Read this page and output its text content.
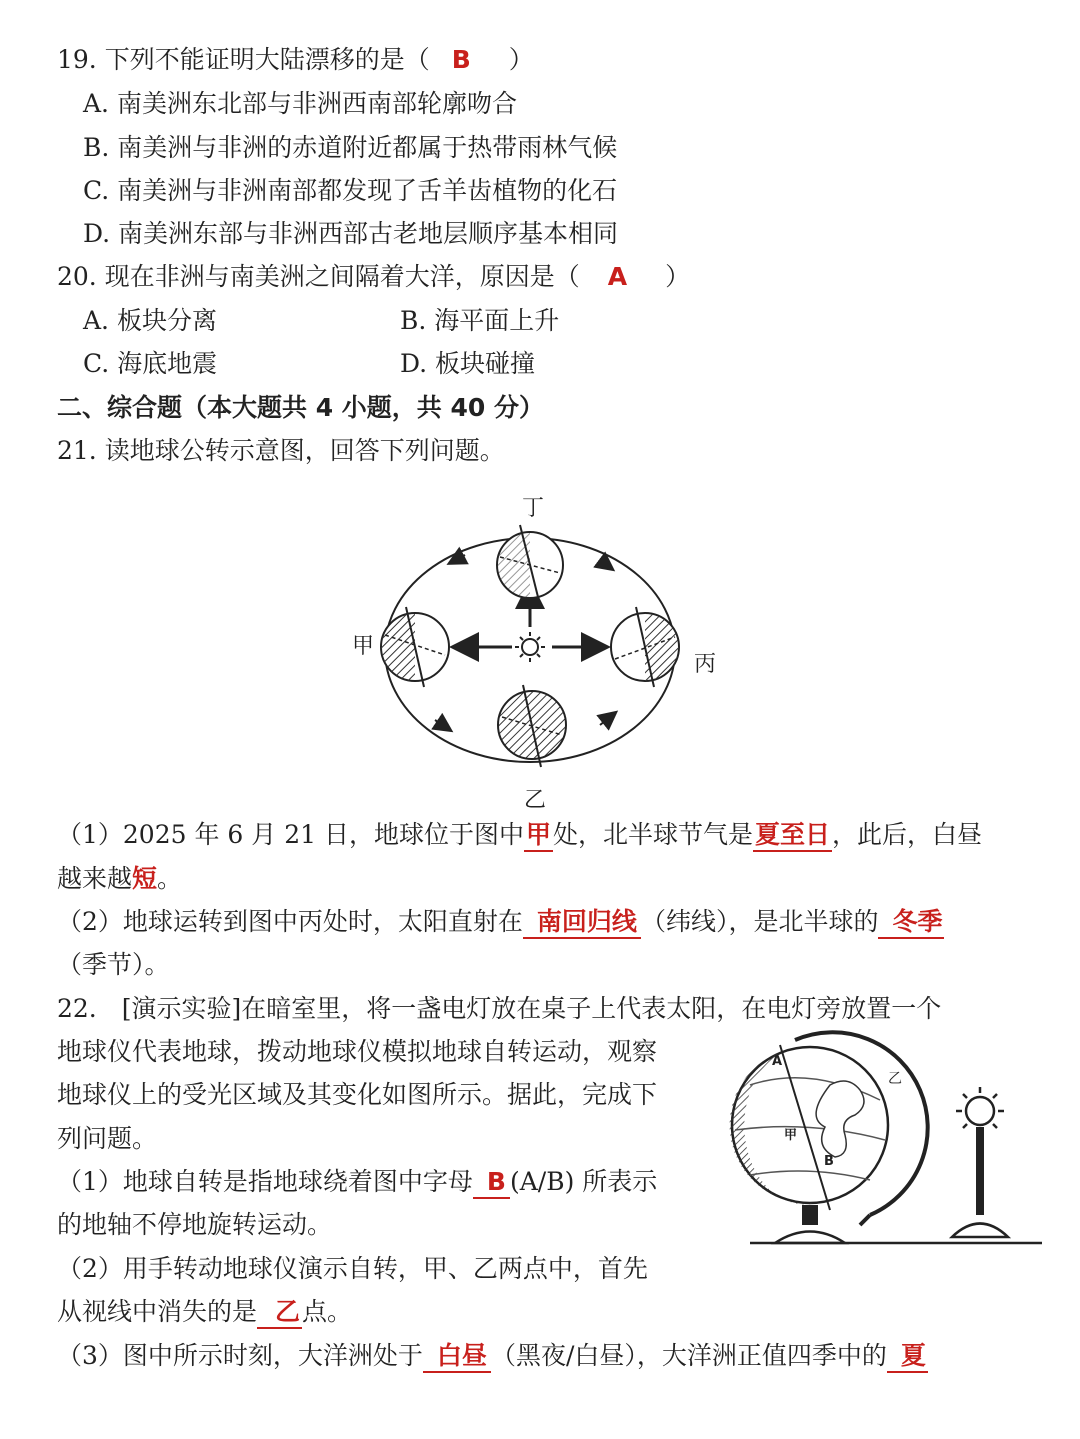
19. 下列不能证明大陆漂移的是（ B ）
A. 南美洲东北部与非洲西南部轮廓吻合
B. 南美洲与非洲的赤道附近都属于热带雨林气候
C. 南美洲与非洲南部都发现了舌羊齿植物的化石
D. 南美洲东部与非洲西部古老地层顺序基本相同
20. 现在非洲与南美洲之间隔着大洋，原因是（ A ）
A. 板块分离	B. 海平面上升
C. 海底地震	D. 板块碰撞
二、综合题（本大题共 4 小题，共 40 分）
21. 读地球公转示意图，回答下列问题。
丁
甲
丙
乙
（1）2025 年 6 月 21 日，地球位于图中甲处，北半球节气是夏至日，此后，白昼
越来越短。
（2）地球运转到图中丙处时，太阳直射在 南回归线 （纬线），是北半球的 冬季
（季节）。
22.　[演示实验]在暗室里，将一盏电灯放在桌子上代表太阳，在电灯旁放置一个
地球仪代表地球，拨动地球仪模拟地球自转运动，观察
地球仪上的受光区域及其变化如图所示。据此，完成下
列问题。
（1）地球自转是指地球绕着图中字母 B (A/B) 所表示
的地轴不停地旋转运动。
（2）用手转动地球仪演示自转，甲、乙两点中，首先
从视线中消失的是 乙点。
（3）图中所示时刻，大洋洲处于 白昼 （黑夜/白昼），大洋洲正值四季中的 夏
A
B
甲
乙
